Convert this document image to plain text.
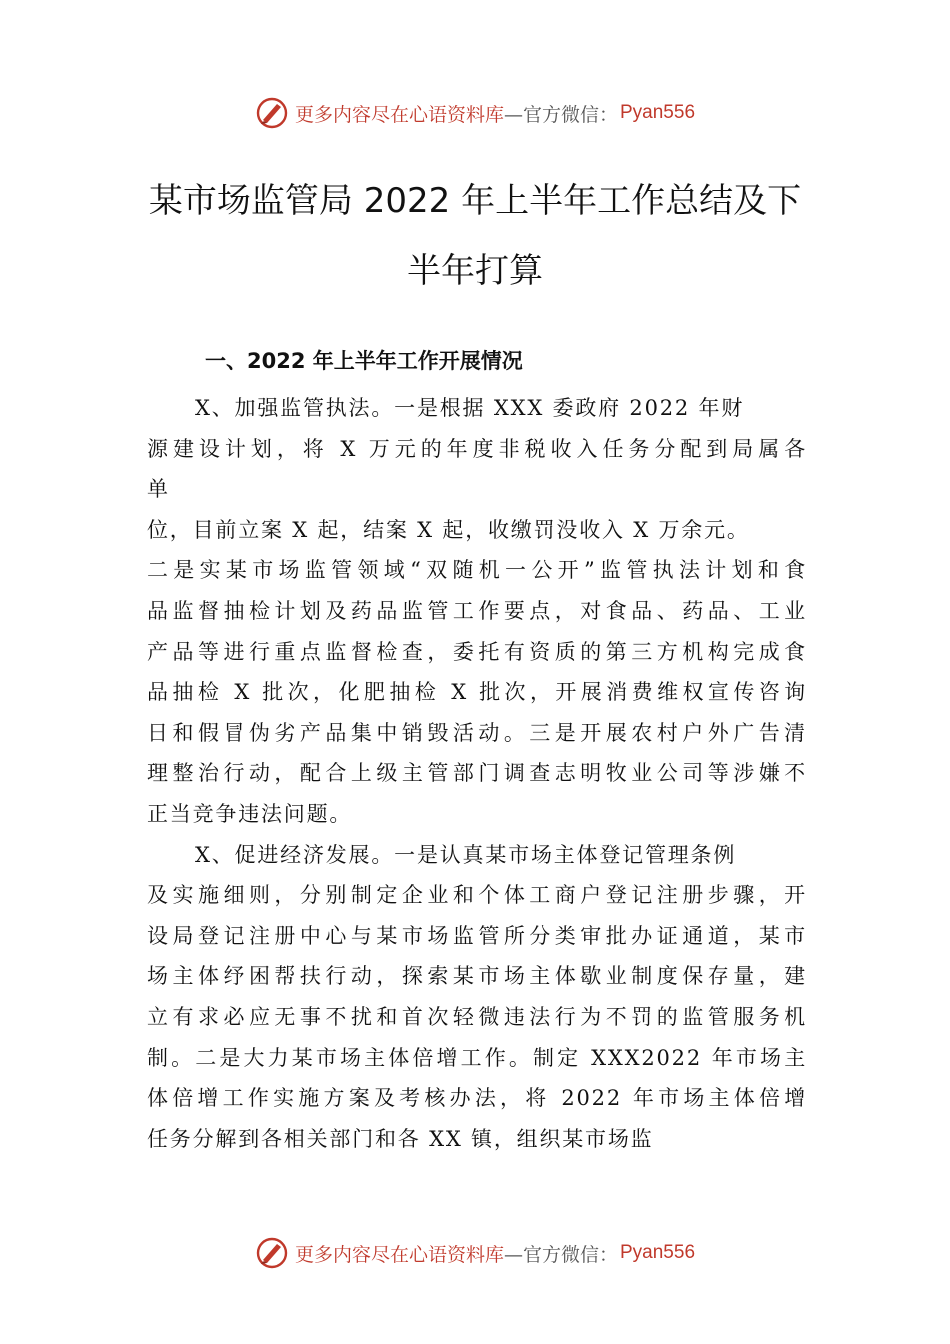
更多内容尽在心语资料库 —官方微信： Pyan556
某市场监管局 2022 年上半年工作总结及下
半年打算
一、2022 年上半年工作开展情况
X、加强监管执法。一是根据 XXX 委政府 2022 年财
源建设计划，将 X 万元的年度非税收入任务分配到局属各
单
位，目前立案 X 起，结案 X 起，收缴罚没收入 X 万余元。
二是实某市场监管领域“双随机一公开”监管执法计划和食
品监督抽检计划及药品监管工作要点，对食品、药品、工业
产品等进行重点监督检查，委托有资质的第三方机构完成食
品抽检 X 批次，化肥抽检 X 批次，开展消费维权宣传咨询
日和假冒伪劣产品集中销毁活动。三是开展农村户外广告清
理整治行动，配合上级主管部门调查志明牧业公司等涉嫌不
正当竞争违法问题。
X、促进经济发展。一是认真某市场主体登记管理条例
及实施细则，分别制定企业和个体工商户登记注册步骤，开
设局登记注册中心与某市场监管所分类审批办证通道，某市
场主体纾困帮扶行动，探索某市场主体歇业制度保存量，建
立有求必应无事不扰和首次轻微违法行为不罚的监管服务机
制。二是大力某市场主体倍增工作。制定 XXX2022 年市场主
体倍增工作实施方案及考核办法，将 2022 年市场主体倍增
任务分解到各相关部门和各 XX 镇，组织某市场监
更多内容尽在心语资料库 —官方微信： Pyan556
